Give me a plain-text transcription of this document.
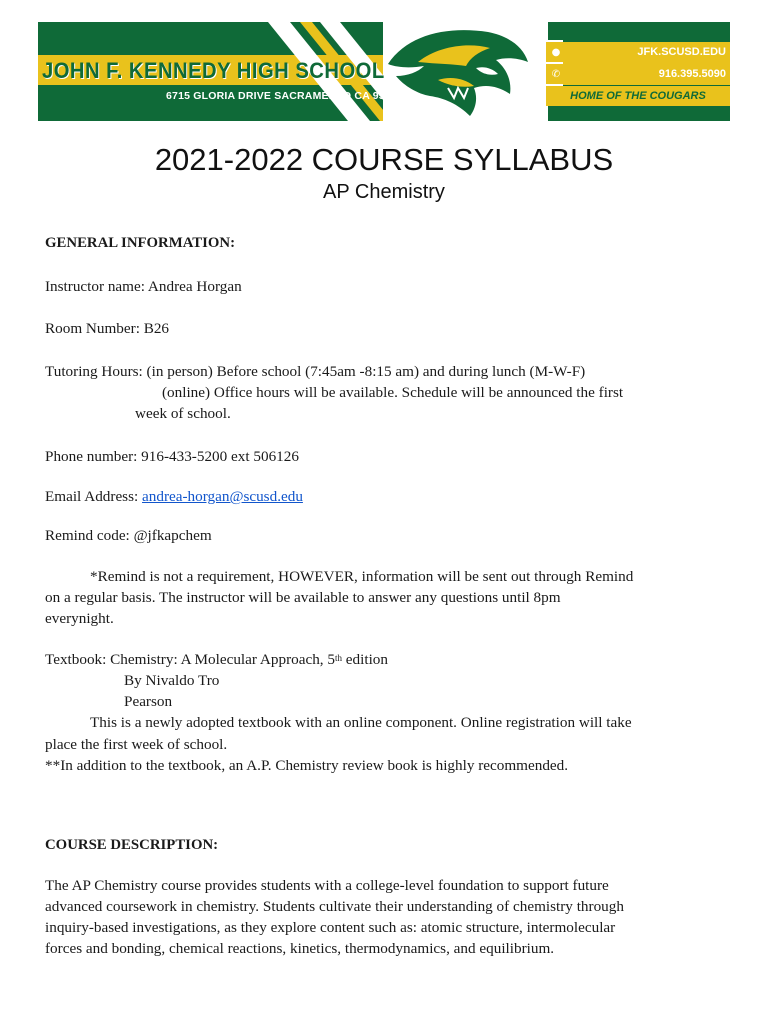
JOHN F. KENNEDY HIGH SCHOOL
6715 GLORIA DRIVE SACRAMENTO CA 95831
●	JFK.SCUSD.EDU
✆	916.395.5090
HOME OF THE COUGARS
2021-2022 COURSE SYLLABUS
AP Chemistry
GENERAL INFORMATION:
Instructor name: Andrea Horgan
Room Number: B26
Tutoring Hours: (in person) Before school (7:45am -8:15 am) and during lunch (M-W-F)
(online) Office hours will be available. Schedule will be announced the first
week of school.
Phone number: 916-433-5200 ext 506126
Email Address: andrea-horgan@scusd.edu
Remind code: @jfkapchem
*Remind is not a requirement, HOWEVER, information will be sent out through Remind
on a regular basis. The instructor will be available to answer any questions until 8pm
everynight.
Textbook: Chemistry: A Molecular Approach, 5th edition
By Nivaldo Tro
Pearson
This is a newly adopted textbook with an online component. Online registration will take
place the first week of school.
**In addition to the textbook, an A.P. Chemistry review book is highly recommended.
COURSE DESCRIPTION:
The AP Chemistry course provides students with a college-level foundation to support future
advanced coursework in chemistry. Students cultivate their understanding of chemistry through
inquiry-based investigations, as they explore content such as: atomic structure, intermolecular
forces and bonding, chemical reactions, kinetics, thermodynamics, and equilibrium.
